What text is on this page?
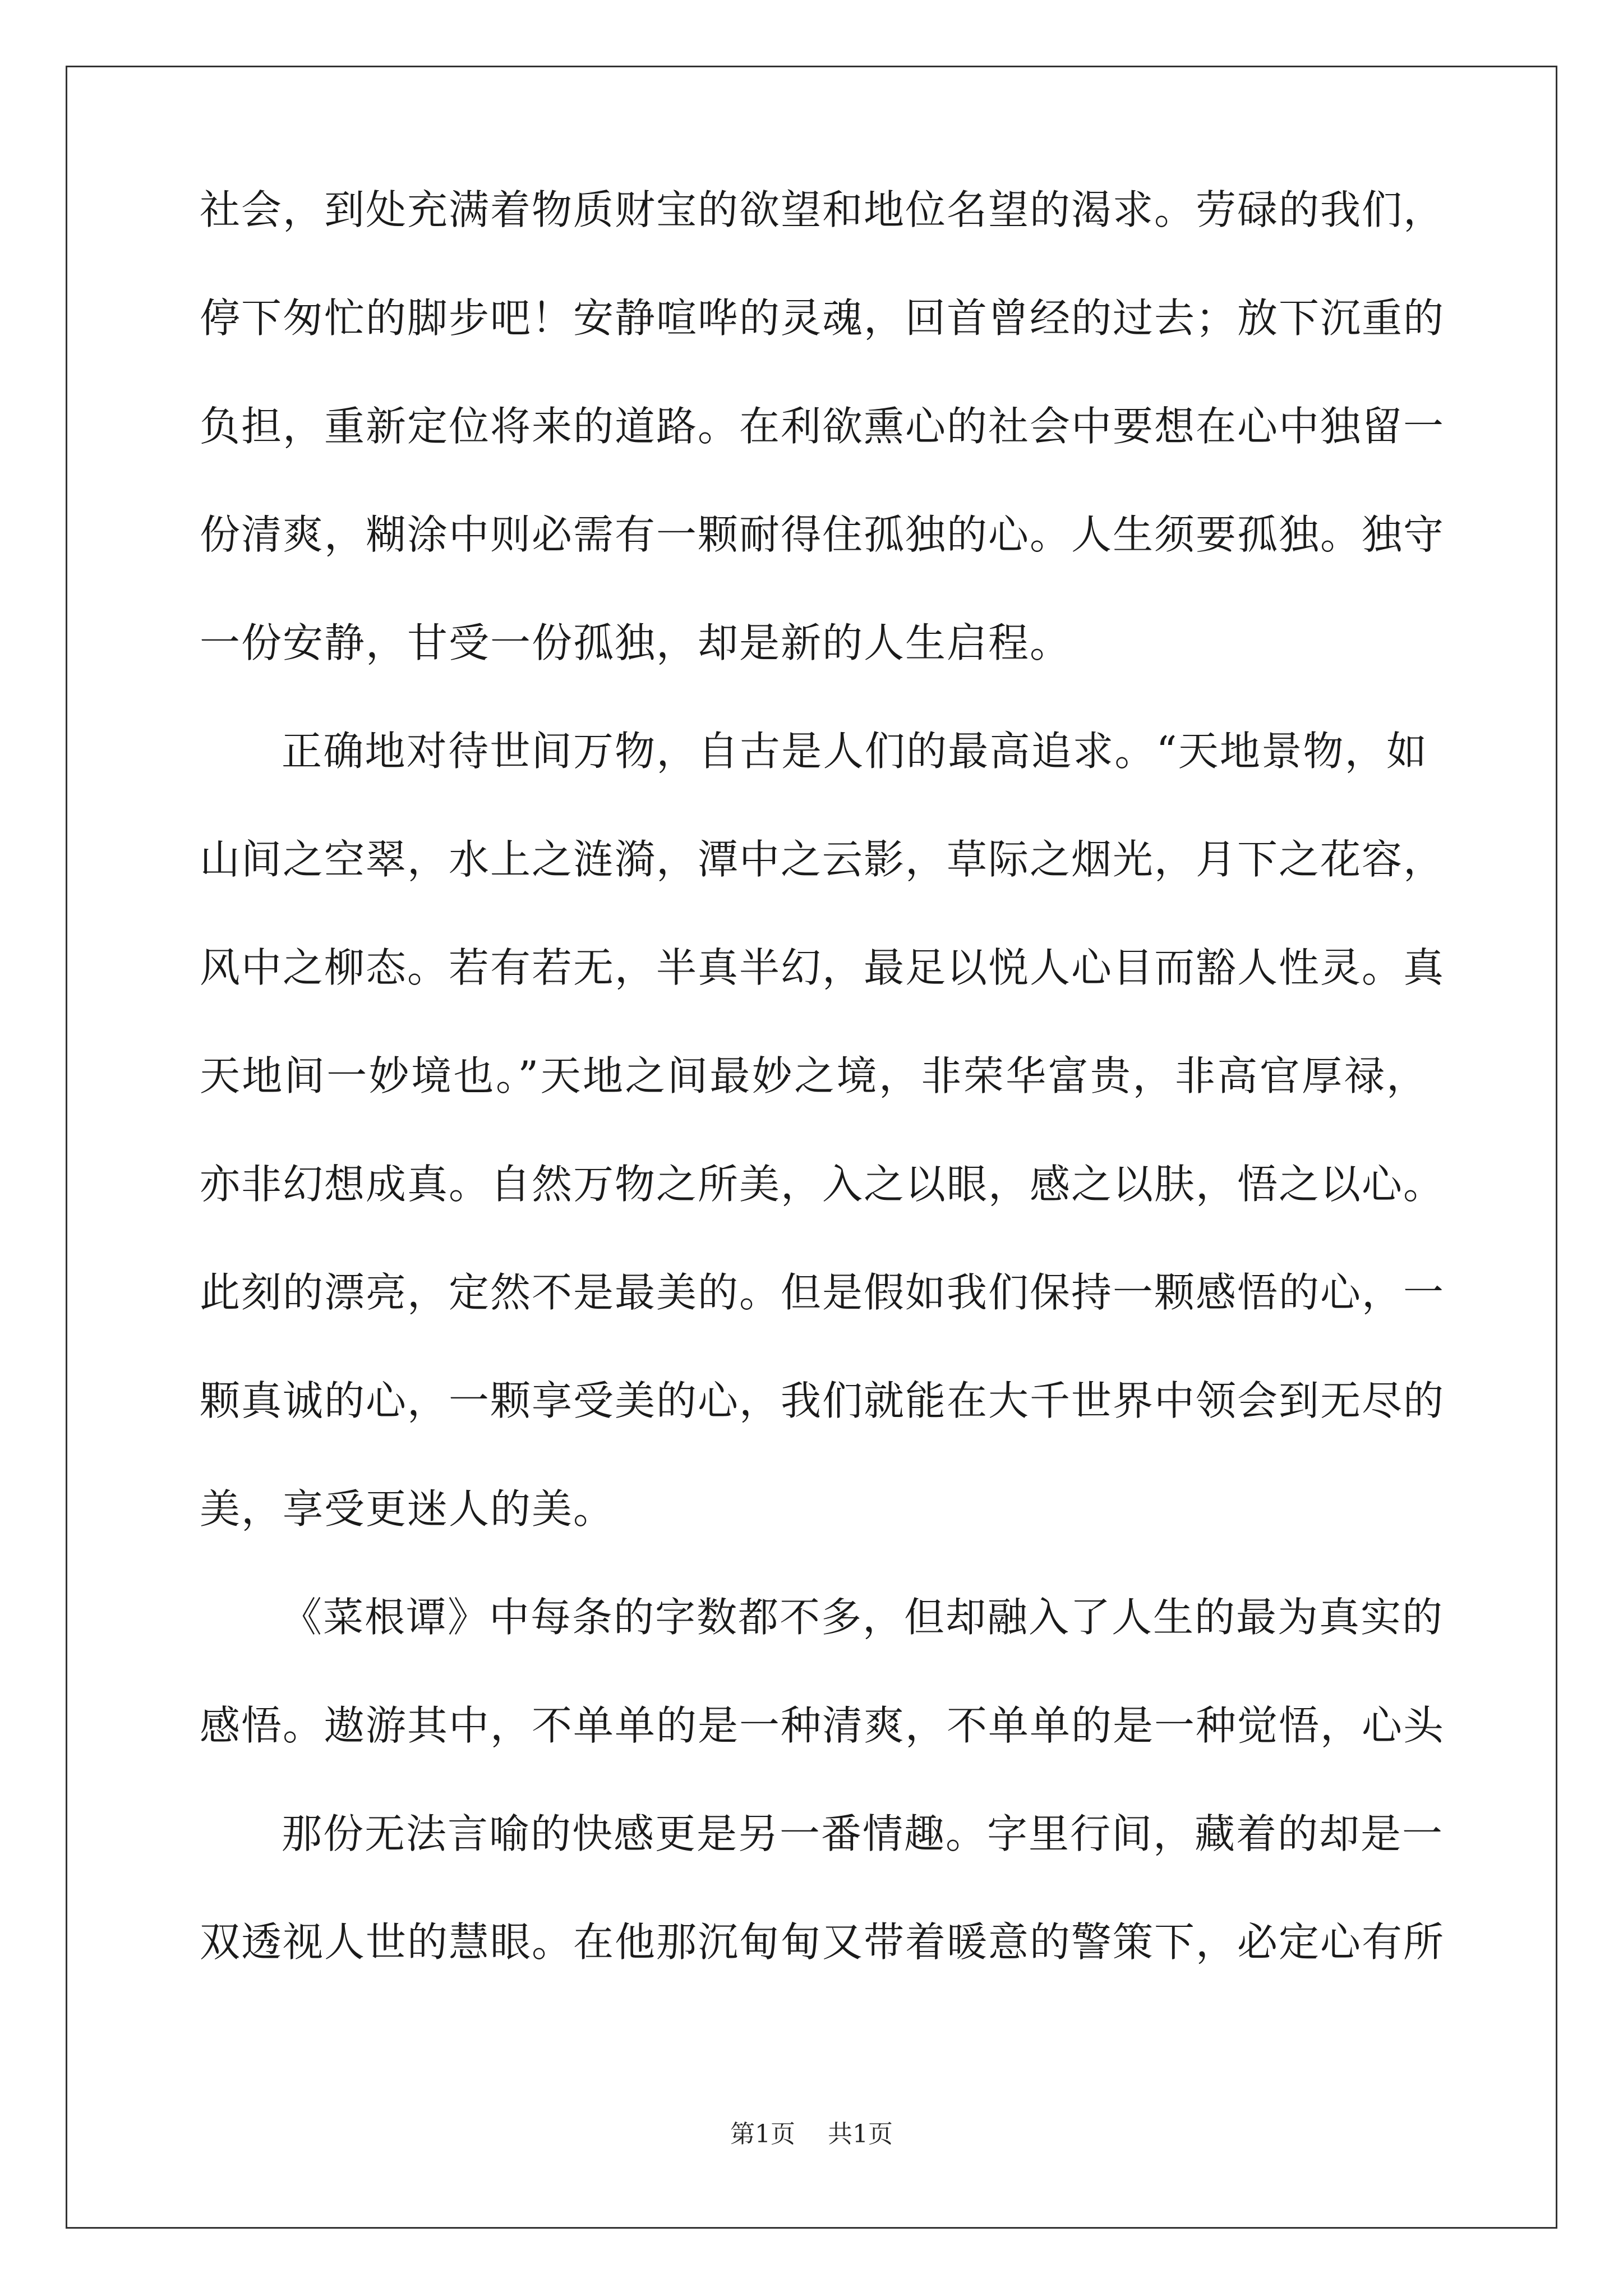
社会，到处充满着物质财宝的欲望和地位名望的渴求。劳碌的我们，
停下匆忙的脚步吧！安静喧哗的灵魂，回首曾经的过去；放下沉重的
负担，重新定位将来的道路。在利欲熏心的社会中要想在心中独留一
份清爽，糊涂中则必需有一颗耐得住孤独的心。人生须要孤独。独守
一份安静，甘受一份孤独，却是新的人生启程。
正确地对待世间万物，自古是人们的最高追求。“天地景物，如
山间之空翠，水上之涟漪，潭中之云影，草际之烟光，月下之花容，
风中之柳态。若有若无，半真半幻，最足以悦人心目而豁人性灵。真
天地间一妙境也。”天地之间最妙之境，非荣华富贵，非高官厚禄，
亦非幻想成真。自然万物之所美，入之以眼，感之以肤，悟之以心。
此刻的漂亮，定然不是最美的。但是假如我们保持一颗感悟的心，一
颗真诚的心，一颗享受美的心，我们就能在大千世界中领会到无尽的
美，享受更迷人的美。
《菜根谭》中每条的字数都不多，但却融入了人生的最为真实的
感悟。遨游其中，不单单的是一种清爽，不单单的是一种觉悟，心头
那份无法言喻的快感更是另一番情趣。字里行间，藏着的却是一
双透视人世的慧眼。在他那沉甸甸又带着暖意的警策下，必定心有所
第1页 共1页
